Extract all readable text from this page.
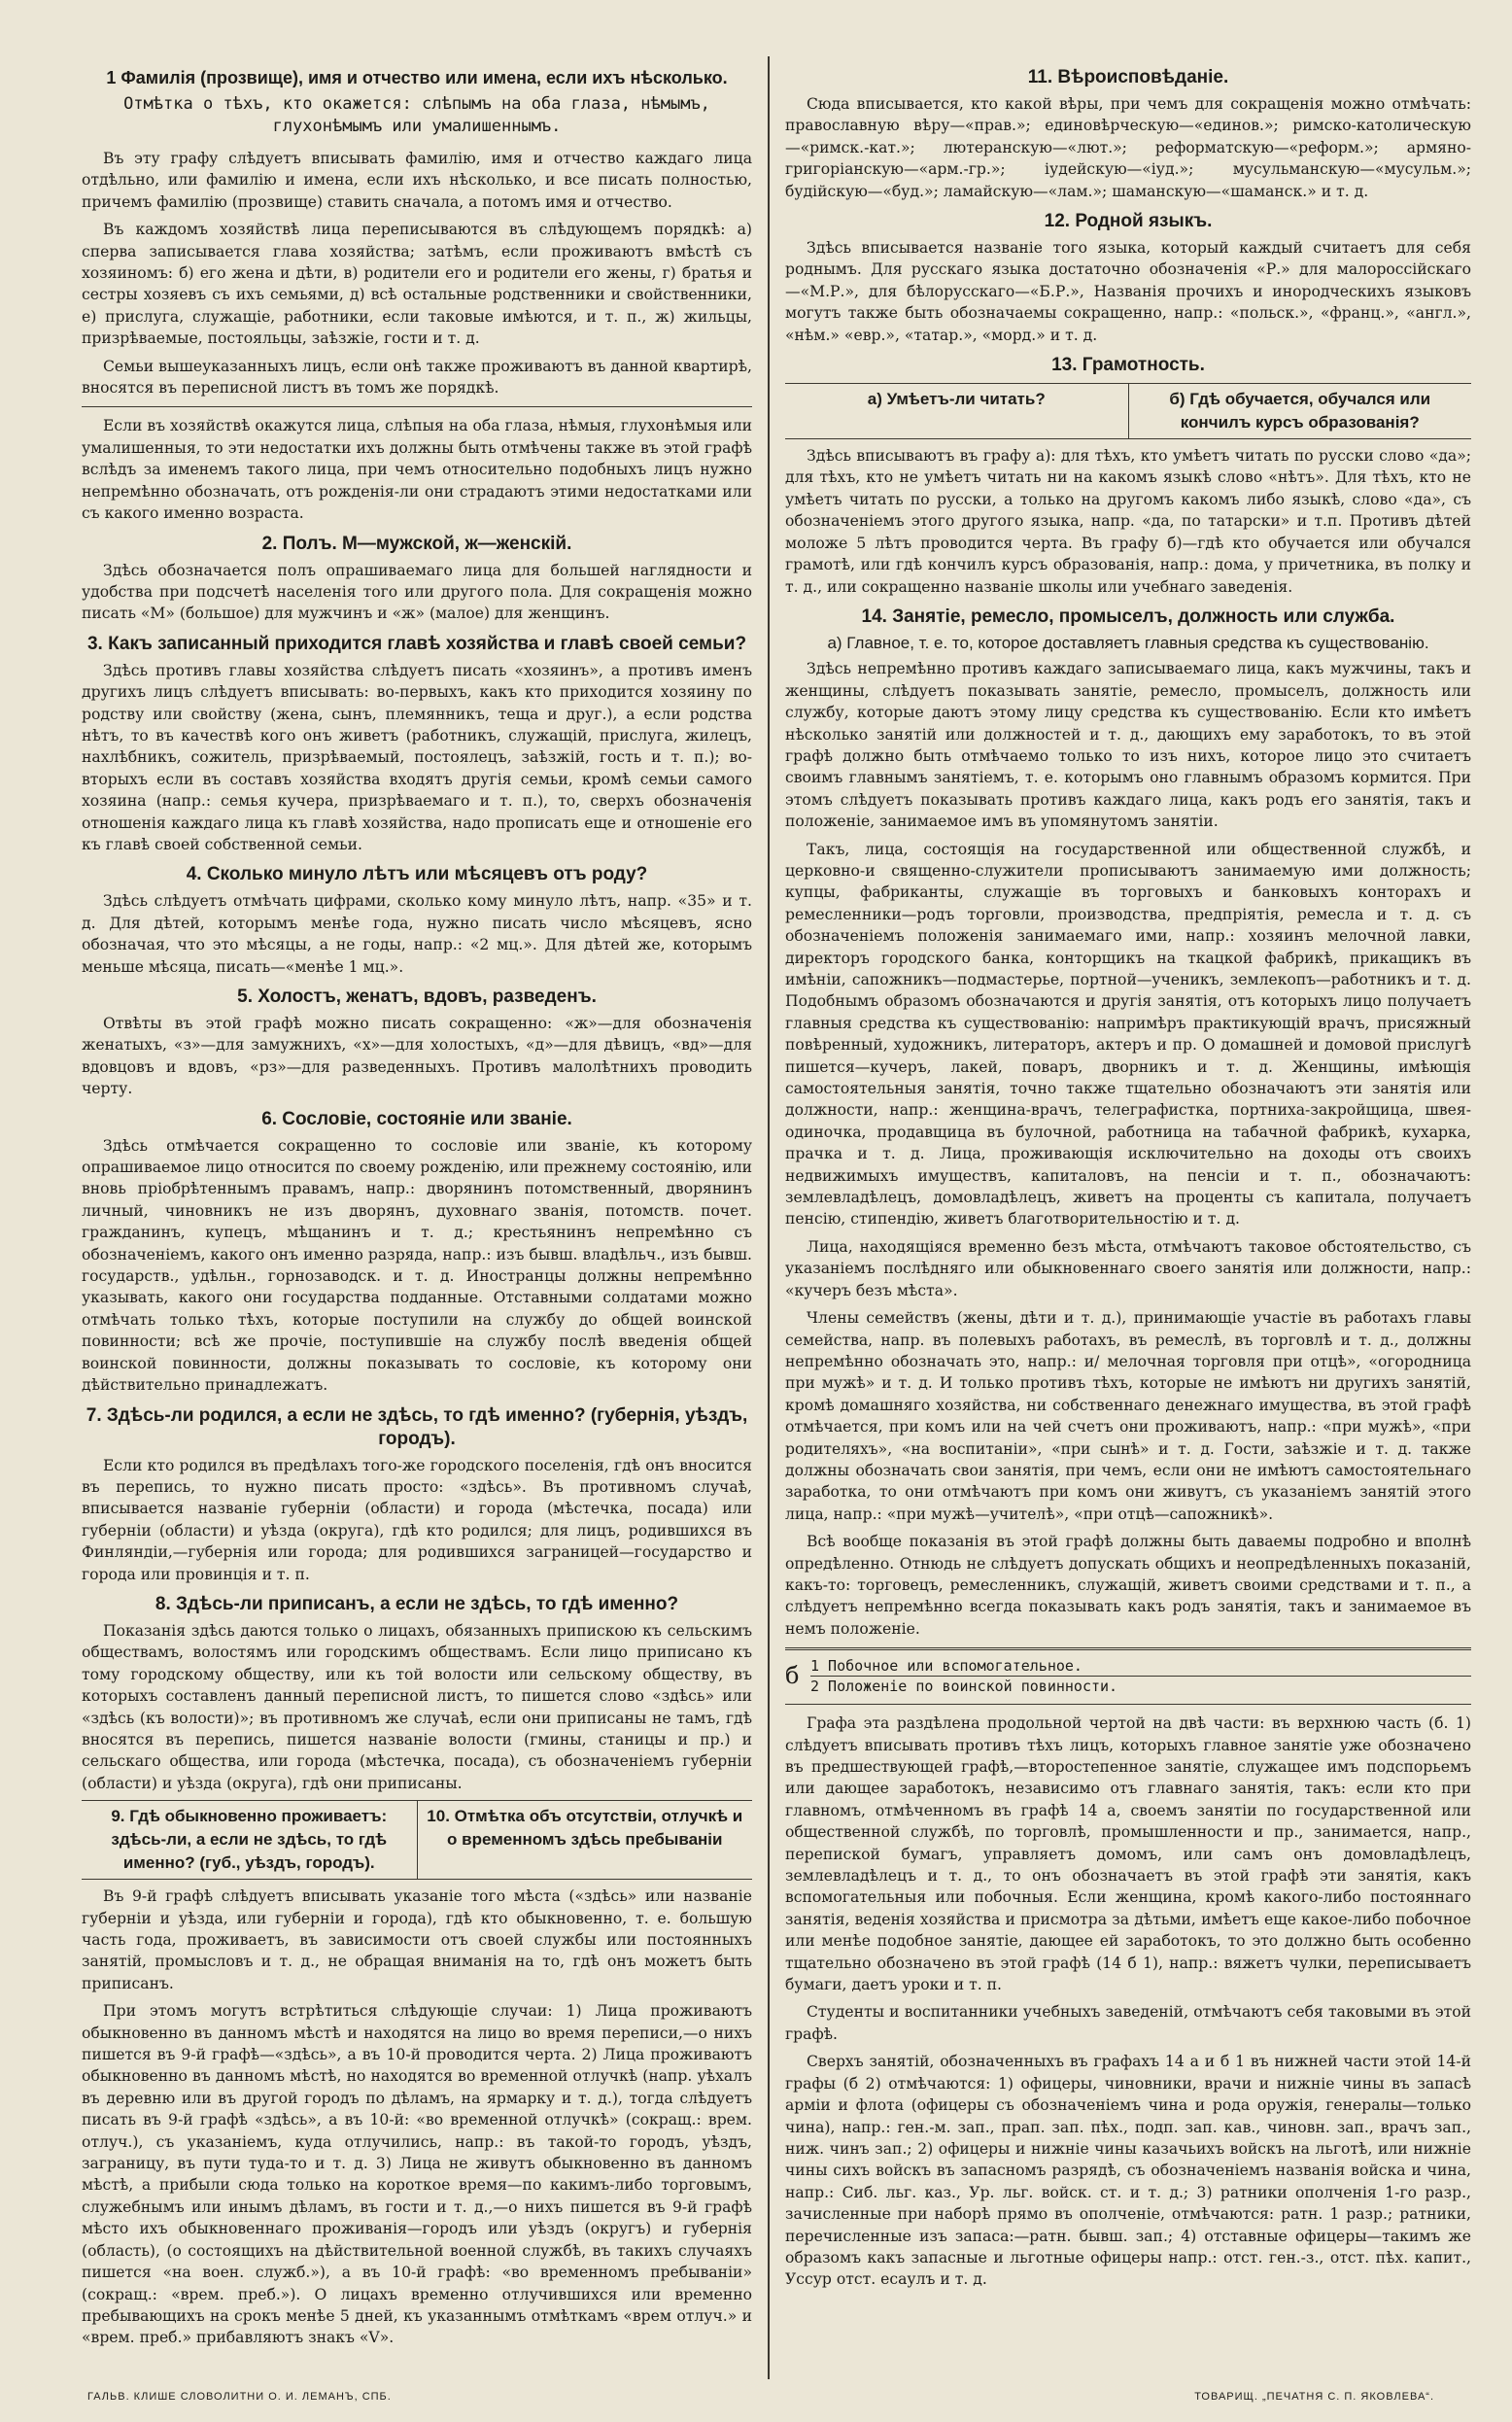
1 Фамилія (прозвище), имя и отчество или имена, если ихъ нѣсколько.
Отмѣтка о тѣхъ, кто окажется: слѣпымъ на оба глаза, нѣмымъ, глухонѣмымъ или умалишеннымъ.

Въ эту графу слѣдуетъ вписывать фамилію, имя и отчество каждаго лица отдѣльно, или фамилію и имена, если ихъ нѣсколько, и все писать полностью, причемъ фамилію (прозвище) ставить сначала, а потомъ имя и отчество.

Въ каждомъ хозяйствѣ лица переписываются въ слѣдующемъ порядкѣ: а) сперва записывается глава хозяйства; затѣмъ, если проживаютъ вмѣстѣ съ хозяиномъ: б) его жена и дѣти, в) родители его и родители его жены, г) братья и сестры хозяевъ съ ихъ семьями, д) всѣ остальные родственники и свойственники, е) прислуга, служащіе, работники, если таковые имѣются, и т. п., ж) жильцы, призрѣваемые, постояльцы, заѣзжіе, гости и т. д.

Семьи вышеуказанныхъ лицъ, если онѣ также проживаютъ въ данной квартирѣ, вносятся въ переписной листъ въ томъ же порядкѣ.

Если въ хозяйствѣ окажутся лица, слѣпыя на оба глаза, нѣмыя, глухонѣмыя или умалишенныя, то эти недостатки ихъ должны быть отмѣчены также въ этой графѣ вслѣдъ за именемъ такого лица, при чемъ относительно подобныхъ лицъ нужно непремѣнно обозначать, отъ рожденія-ли они страдаютъ этими недостатками или съ какого именно возраста.

2. Полъ. М—мужской, ж—женскій.

Здѣсь обозначается полъ опрашиваемаго лица для большей наглядности и удобства при подсчетѣ населенія того или другого пола. Для сокращенія можно писать «М» (большое) для мужчинъ и «ж» (малое) для женщинъ.

3. Какъ записанный приходится главѣ хозяйства и главѣ своей семьи?

Здѣсь противъ главы хозяйства слѣдуетъ писать «хозяинъ», а противъ именъ другихъ лицъ слѣдуетъ вписывать: во-первыхъ, какъ кто приходится хозяину по родству или свойству (жена, сынъ, племянникъ, теща и друг.), а если родства нѣтъ, то въ качествѣ кого онъ живетъ (работникъ, служащій, прислуга, жилецъ, нахлѣбникъ, сожитель, призрѣваемый, постоялецъ, заѣзжій, гость и т. п.); во-вторыхъ если въ составъ хозяйства входятъ другія семьи, кромѣ семьи самого хозяина (напр.: семья кучера, призрѣваемаго и т. п.), то, сверхъ обозначенія отношенія каждаго лица къ главѣ хозяйства, надо прописать еще и отношеніе его къ главѣ своей собственной семьи.

4. Сколько минуло лѣтъ или мѣсяцевъ отъ роду?

Здѣсь слѣдуетъ отмѣчать цифрами, сколько кому минуло лѣтъ, напр. «35» и т. д. Для дѣтей, которымъ менѣе года, нужно писать число мѣсяцевъ, ясно обозначая, что это мѣсяцы, а не годы, напр.: «2 мц.». Для дѣтей же, которымъ меньше мѣсяца, писать—«менѣе 1 мц.».

5. Холостъ, женатъ, вдовъ, разведенъ.

Отвѣты въ этой графѣ можно писать сокращенно: «ж»—для обозначенія женатыхъ, «з»—для замужнихъ, «х»—для холостыхъ, «д»—для дѣвицъ, «вд»—для вдовцовъ и вдовъ, «рз»—для разведенныхъ. Противъ малолѣтнихъ проводить черту.

6. Сословіе, состояніе или званіе.

Здѣсь отмѣчается сокращенно то сословіе или званіе, къ которому опрашиваемое лицо относится по своему рожденію, или прежнему состоянію, или вновь пріобрѣтеннымъ правамъ, напр.: дворянинъ потомственный, дворянинъ личный, чиновникъ не изъ дворянъ, духовнаго званія, потомств. почет. гражданинъ, купецъ, мѣщанинъ и т. д.; крестьянинъ непремѣнно съ обозначеніемъ, какого онъ именно разряда, напр.: изъ бывш. владѣльч., изъ бывш. государств., удѣльн., горнозаводск. и т. д. Иностранцы должны непремѣнно указывать, какого они государства подданные. Отставными солдатами можно отмѣчать только тѣхъ, которые поступили на службу до общей воинской повинности; всѣ же прочіе, поступившіе на службу послѣ введенія общей воинской повинности, должны показывать то сословіе, къ которому они дѣйствительно принадлежатъ.

7. Здѣсь-ли родился, а если не здѣсь, то гдѣ именно? (губернія, уѣздъ, городъ).

Если кто родился въ предѣлахъ того-же городского поселенія, гдѣ онъ вносится въ перепись, то нужно писать просто: «здѣсь». Въ противномъ случаѣ, вписывается названіе губерніи (области) и города (мѣстечка, посада) или губерніи (области) и уѣзда (округа), гдѣ кто родился; для лицъ, родившихся въ Финляндіи,—губернія или города; для родившихся заграницей—государство и города или провинція и т. п.

8. Здѣсь-ли приписанъ, а если не здѣсь, то гдѣ именно?

Показанія здѣсь даются только о лицахъ, обязанныхъ припискою къ сельскимъ обществамъ, волостямъ или городскимъ обществамъ. Если лицо приписано къ тому городскому обществу, или къ той волости или сельскому обществу, въ которыхъ составленъ данный переписной листъ, то пишется слово «здѣсь» или «здѣсь (къ волости)»; въ противномъ же случаѣ, если они приписаны не тамъ, гдѣ вносятся въ перепись, пишется названіе волости (гмины, станицы и пр.) и сельскаго общества, или города (мѣстечка, посада), съ обозначеніемъ губерніи (области) и уѣзда (округа), гдѣ они приписаны.

9. Гдѣ обыкновенно проживаетъ: здѣсь-ли, а если не здѣсь, то гдѣ именно? (губ., уѣздъ, городъ).
10. Отмѣтка объ отсутствіи, отлучкѣ и о временномъ здѣсь пребываніи

Въ 9-й графѣ слѣдуетъ вписывать указаніе того мѣста («здѣсь» или названіе губерніи и уѣзда, или губерніи и города), гдѣ кто обыкновенно, т. е. большую часть года, проживаетъ, въ зависимости отъ своей службы или постоянныхъ занятій, промысловъ и т. д., не обращая вниманія на то, гдѣ онъ можетъ быть приписанъ.

При этомъ могутъ встрѣтиться слѣдующіе случаи: 1) Лица проживаютъ обыкновенно въ данномъ мѣстѣ и находятся на лицо во время переписи,—о нихъ пишется въ 9-й графѣ—«здѣсь», а въ 10-й проводится черта. 2) Лица проживаютъ обыкновенно въ данномъ мѣстѣ, но находятся во временной отлучкѣ (напр. уѣхалъ въ деревню или въ другой городъ по дѣламъ, на ярмарку и т. д.), тогда слѣдуетъ писать въ 9-й графѣ «здѣсь», а въ 10-й: «во временной отлучкѣ» (сокращ.: врем. отлуч.), съ указаніемъ, куда отлучились, напр.: въ такой-то городъ, уѣздъ, заграницу, въ пути туда-то и т. д. 3) Лица не живутъ обыкновенно въ данномъ мѣстѣ, а прибыли сюда только на короткое время—по какимъ-либо торговымъ, служебнымъ или инымъ дѣламъ, въ гости и т. д.,—о нихъ пишется въ 9-й графѣ мѣсто ихъ обыкновеннаго проживанія—городъ или уѣздъ (округъ) и губернія (область), (о состоящихъ на дѣйствительной военной службѣ, въ такихъ случаяхъ пишется «на воен. служб.»), а въ 10-й графѣ: «во временномъ пребываніи» (сокращ.: «врем. преб.»). О лицахъ временно отлучившихся или временно пребывающихъ на срокъ менѣе 5 дней, къ указаннымъ отмѣткамъ «врем отлуч.» и «врем. преб.» прибавляютъ знакъ «V».

11. Вѣроисповѣданіе.

Сюда вписывается, кто какой вѣры, при чемъ для сокращенія можно отмѣчать: православную вѣру—«прав.»; единовѣрческую—«единов.»; римско-католическую—«римск.-кат.»; лютеранскую—«лют.»; реформатскую—«реформ.»; армяно-григоріанскую—«арм.-гр.»; іудейскую—«іуд.»; мусульманскую—«мусульм.»; будійскую—«буд.»; ламайскую—«лам.»; шаманскую—«шаманск.» и т. д.

12. Родной языкъ.

Здѣсь вписывается названіе того языка, который каждый считаетъ для себя роднымъ. Для русскаго языка достаточно обозначенія «Р.» для малороссійскаго—«М.Р.», для бѣлорусскаго—«Б.Р.», Названія прочихъ и инородческихъ языковъ могутъ также быть обозначаемы сокращенно, напр.: «польск.», «франц.», «англ.», «нѣм.» «евр.», «татар.», «морд.» и т. д.

13. Грамотность.
а) Умѣетъ-ли читать?	б) Гдѣ обучается, обучался или кончилъ курсъ образованія?

Здѣсь вписываютъ въ графу а): для тѣхъ, кто умѣетъ читать по русски слово «да»; для тѣхъ, кто не умѣетъ читать ни на какомъ языкѣ слово «нѣтъ». Для тѣхъ, кто не умѣетъ читать по русски, а только на другомъ какомъ либо языкѣ, слово «да», съ обозначеніемъ этого другого языка, напр. «да, по татарски» и т.п. Противъ дѣтей моложе 5 лѣтъ проводится черта. Въ графу б)—гдѣ кто обучается или обучался грамотѣ, или гдѣ кончилъ курсъ образованія, напр.: дома, у причетника, въ полку и т. д., или сокращенно названіе школы или учебнаго заведенія.

14. Занятіе, ремесло, промыселъ, должность или служба.
а) Главное, т. е. то, которое доставляетъ главныя средства къ существованію.

Здѣсь непремѣнно противъ каждаго записываемаго лица, какъ мужчины, такъ и женщины, слѣдуетъ показывать занятіе, ремесло, промыселъ, должность или службу, которые даютъ этому лицу средства къ существованію. Если кто имѣетъ нѣсколько занятій или должностей и т. д., дающихъ ему заработокъ, то въ этой графѣ должно быть отмѣчаемо только то изъ нихъ, которое лицо это считаетъ своимъ главнымъ занятіемъ, т. е. которымъ оно главнымъ образомъ кормится. При этомъ слѣдуетъ показывать противъ каждаго лица, какъ родъ его занятія, такъ и положеніе, занимаемое имъ въ упомянутомъ занятіи.

Такъ, лица, состоящія на государственной или общественной службѣ, и церковно-и священно-служители прописываютъ занимаемую ими должность; купцы, фабриканты, служащіе въ торговыхъ и банковыхъ конторахъ и ремесленники—родъ торговли, производства, предпріятія, ремесла и т. д. съ обозначеніемъ положенія занимаемаго ими, напр.: хозяинъ мелочной лавки, директоръ городского банка, конторщикъ на ткацкой фабрикѣ, прикащикъ въ имѣніи, сапожникъ—подмастерье, портной—ученикъ, землекопъ—работникъ и т. д. Подобнымъ образомъ обозначаются и другія занятія, отъ которыхъ лицо получаетъ главныя средства къ существованію: напримѣръ практикующій врачъ, присяжный повѣренный, художникъ, литераторъ, актеръ и пр. О домашней и домовой прислугѣ пишется—кучеръ, лакей, поваръ, дворникъ и т. д. Женщины, имѣющія самостоятельныя занятія, точно также тщательно обозначаютъ эти занятія или должности, напр.: женщина-врачъ, телеграфистка, портниха-закройщица, швея-одиночка, продавщица въ булочной, работница на табачной фабрикѣ, кухарка, прачка и т. д. Лица, проживающія исключительно на доходы отъ своихъ недвижимыхъ имуществъ, капиталовъ, на пенсіи и т. п., обозначаютъ: землевладѣлецъ, домовладѣлецъ, живетъ на проценты съ капитала, получаетъ пенсію, стипендію, живетъ благотворительностію и т. д.

Лица, находящіяся временно безъ мѣста, отмѣчаютъ таковое обстоятельство, съ указаніемъ послѣдняго или обыкновеннаго своего занятія или должности, напр.: «кучеръ безъ мѣста».

Члены семействъ (жены, дѣти и т. д.), принимающіе участіе въ работахъ главы семейства, напр. въ полевыхъ работахъ, въ ремеслѣ, въ торговлѣ и т. д., должны непремѣнно обозначать это, напр.: и/ мелочная торговля при отцѣ», «огородница при мужѣ» и т. д. И только противъ тѣхъ, которые не имѣютъ ни другихъ занятій, кромѣ домашняго хозяйства, ни собственнаго денежнаго имущества, въ этой графѣ отмѣчается, при комъ или на чей счетъ они проживаютъ, напр.: «при мужѣ», «при родителяхъ», «на воспитаніи», «при сынѣ» и т. д. Гости, заѣзжіе и т. д. также должны обозначать свои занятія, при чемъ, если они не имѣютъ самостоятельнаго заработка, то они отмѣчаютъ при комъ они живутъ, съ указаніемъ занятій этого лица, напр.: «при мужѣ—учителѣ», «при отцѣ—сапожникѣ».

Всѣ вообще показанія въ этой графѣ должны быть даваемы подробно и вполнѣ опредѣленно. Отнюдь не слѣдуетъ допускать общихъ и неопредѣленныхъ показаній, какъ-то: торговецъ, ремесленникъ, служащій, живетъ своими средствами и т. п., а слѣдуетъ непремѣнно всегда показывать какъ родъ занятія, такъ и занимаемое въ немъ положеніе.

б 1 Побочное или вспомогательное.
2 Положеніе по воинской повинности.

Графа эта раздѣлена продольной чертой на двѣ части: въ верхнюю часть (б. 1) слѣдуетъ вписывать противъ тѣхъ лицъ, которыхъ главное занятіе уже обозначено въ предшествующей графѣ,—второстепенное занятіе, служащее имъ подспорьемъ или дающее заработокъ, независимо отъ главнаго занятія, такъ: если кто при главномъ, отмѣченномъ въ графѣ 14 а, своемъ занятіи по государственной или общественной службѣ, по торговлѣ, промышленности и пр., занимается, напр., перепиской бумагъ, управляетъ домомъ, или самъ онъ домовладѣлецъ, землевладѣлецъ и т. д., то онъ обозначаетъ въ этой графѣ эти занятія, какъ вспомогательныя или побочныя. Если женщина, кромѣ какого-либо постояннаго занятія, веденія хозяйства и присмотра за дѣтьми, имѣетъ еще какое-либо побочное или менѣе подобное занятіе, дающее ей заработокъ, то это должно быть особенно тщательно обозначено въ этой графѣ (14 б 1), напр.: вяжетъ чулки, переписываетъ бумаги, даетъ уроки и т. п.

Студенты и воспитанники учебныхъ заведеній, отмѣчаютъ себя таковыми въ этой графѣ.

Сверхъ занятій, обозначенныхъ въ графахъ 14 а и б 1 въ нижней части этой 14-й графы (б 2) отмѣчаются: 1) офицеры, чиновники, врачи и нижніе чины въ запасѣ арміи и флота (офицеры съ обозначеніемъ чина и рода оружія, генералы—только чина), напр.: ген.-м. зап., прап. зап. пѣх., подп. зап. кав., чиновн. зап., врачъ зап., ниж. чинъ зап.; 2) офицеры и нижніе чины казачьихъ войскъ на льготѣ, или нижніе чины сихъ войскъ въ запасномъ разрядѣ, съ обозначеніемъ названія войска и чина, напр.: Сиб. льг. каз., Ур. льг. войск. ст. и т. д.; 3) ратники ополченія 1-го разр., зачисленные при наборѣ прямо въ ополченіе, отмѣчаются: ратн. 1 разр.; ратники, перечисленные изъ запаса:—ратн. бывш. зап.; 4) отставные офицеры—такимъ же образомъ какъ запасные и льготные офицеры напр.: отст. ген.-з., отст. пѣх. капит., Уссур отст. есаулъ и т. д.

ГАЛЬВ. КЛИШЕ СЛОВОЛИТНИ О. И. ЛЕМАНЪ, СПБ.	ТОВАРИЩ. „ПЕЧАТНЯ С. П. ЯКОВЛЕВА“.
